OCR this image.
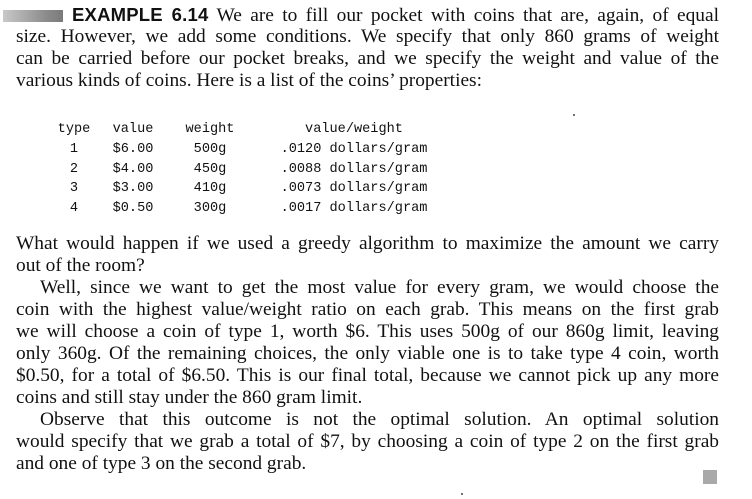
EXAMPLE 6.14 We are to fill our pocket with coins that are, again, of equal
size. However, we add some conditions. We specify that only 860 grams of weight
can be carried before our pocket breaks, and we specify the weight and value of the
various kinds of coins. Here is a list of the coins’ properties:
type	value	weight	value/weight
1	$6.00	500g	.0120 dollars/gram
2	$4.00	450g	.0088 dollars/gram
3	$3.00	410g	.0073 dollars/gram
4	$0.50	300g	.0017 dollars/gram
What would happen if we used a greedy algorithm to maximize the amount we carry
out of the room?
Well, since we want to get the most value for every gram, we would choose the
coin with the highest value/weight ratio on each grab. This means on the first grab
we will choose a coin of type 1, worth $6. This uses 500g of our 860g limit, leaving
only 360g. Of the remaining choices, the only viable one is to take type 4 coin, worth
$0.50, for a total of $6.50. This is our final total, because we cannot pick up any more
coins and still stay under the 860 gram limit.
Observe that this outcome is not the optimal solution. An optimal solution
would specify that we grab a total of $7, by choosing a coin of type 2 on the first grab
and one of type 3 on the second grab.
